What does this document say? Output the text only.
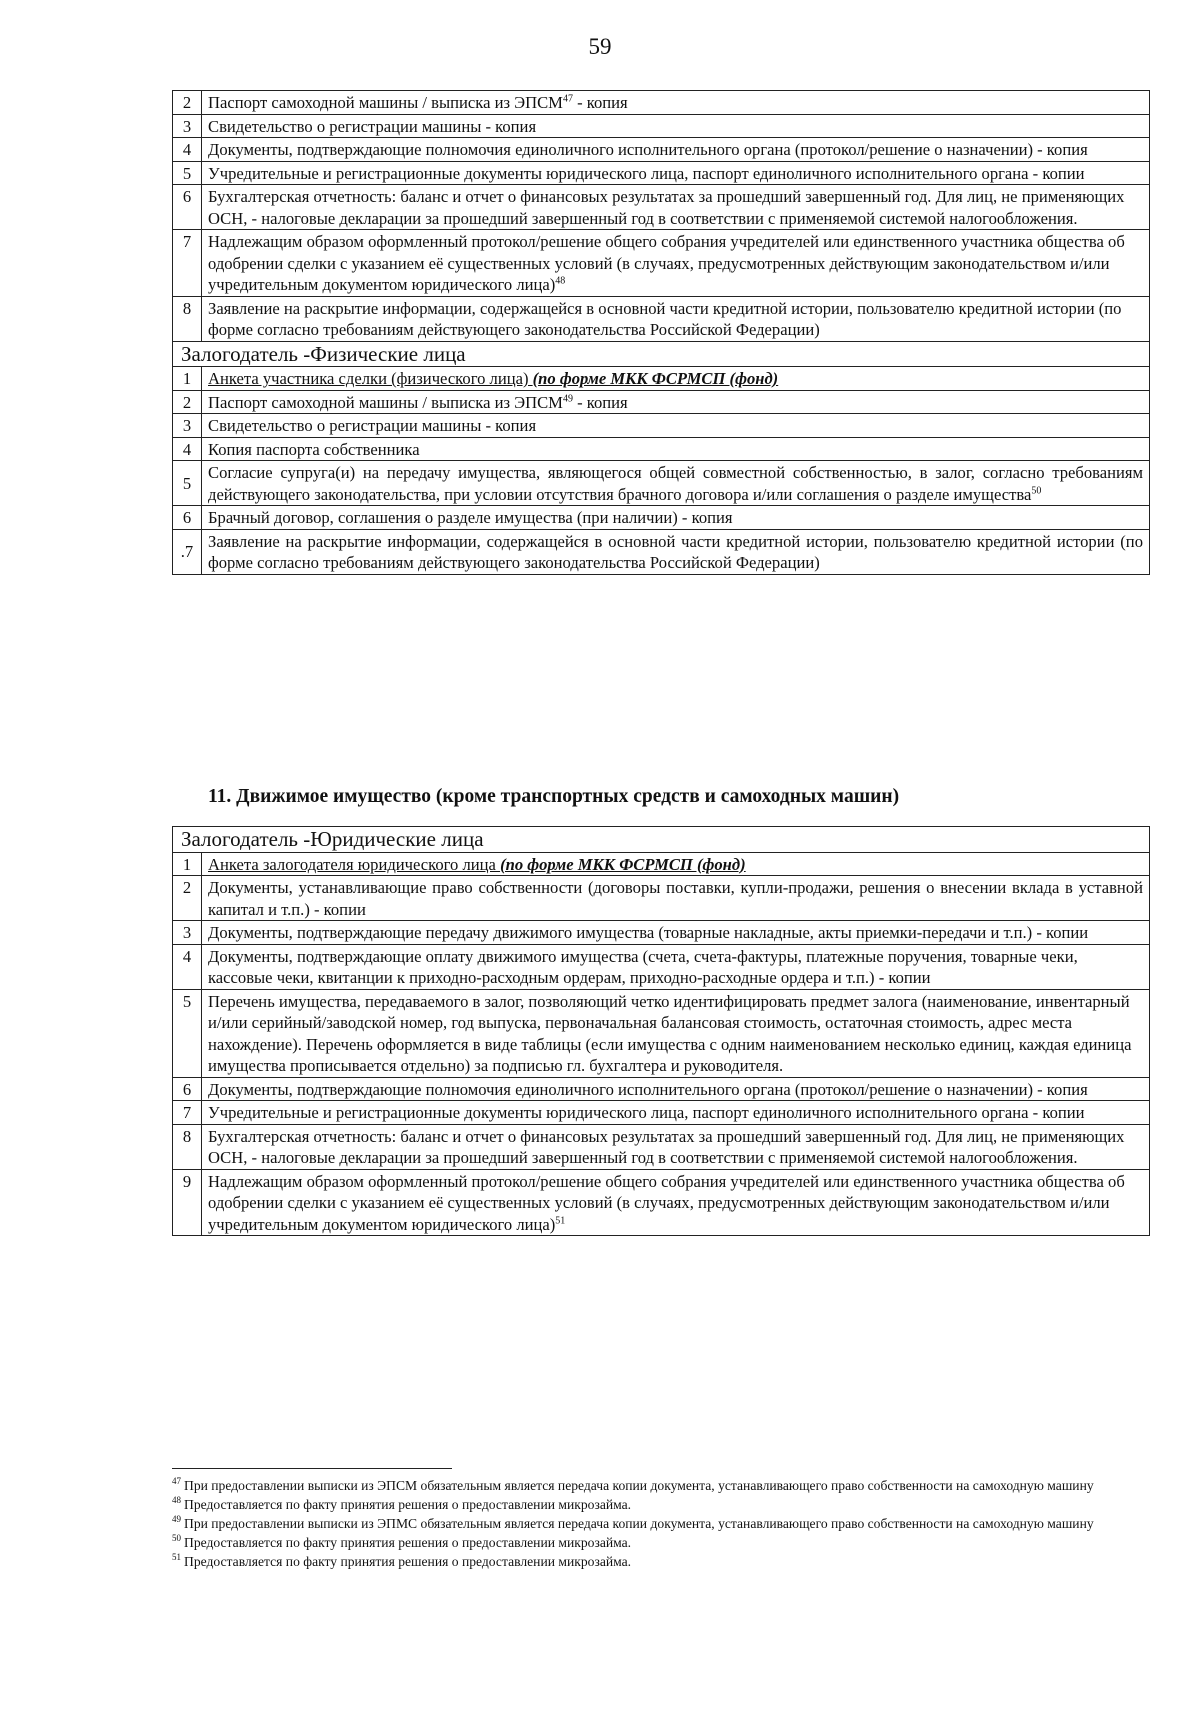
59
2	Паспорт самоходной машины / выписка из ЭПСМ$^{47}$ - копия
3	Свидетельство о регистрации машины - копия
4	Документы, подтверждающие полномочия единоличного исполнительного органа (протокол/решение о назначении) - копия
5	Учредительные и регистрационные документы юридического лица, паспорт единоличного исполнительного органа - копии
6	Бухгалтерская отчетность: баланс и отчет о финансовых результатах за прошедший завершенный год. Для лиц, не применяющих ОСН, - налоговые декларации за прошедший завершенный год в соответствии с применяемой системой налогообложения.
7	Надлежащим образом оформленный протокол/решение общего собрания учредителей или единственного участника общества об одобрении сделки с указанием её существенных условий (в случаях, предусмотренных действующим законодательством и/или учредительным документом юридического лица)$^{48}$
8	Заявление на раскрытие информации, содержащейся в основной части кредитной истории, пользователю кредитной истории (по форме согласно требованиям действующего законодательства Российской Федерации)
Залогодатель -Физические лица	
1	Анкета участника сделки (физического лица) (по форме МКК ФСРМСП (фонд)
2	Паспорт самоходной машины / выписка из ЭПСМ$^{49}$ - копия
3	Свидетельство о регистрации машины - копия
4	Копия паспорта собственника
5	Согласие супруга(и) на передачу имущества, являющегося общей совместной собственностью, в залог, согласно требованиям действующего законодательства, при условии отсутствия брачного договора и/или соглашения о разделе имущества$^{50}$
6	Брачный договор, соглашения о разделе имущества (при наличии) - копия
.7	Заявление на раскрытие информации, содержащейся в основной части кредитной истории, пользователю кредитной истории (по форме согласно требованиям действующего законодательства Российской Федерации)
11. Движимое имущество (кроме транспортных средств и самоходных машин)
Залогодатель -Юридические лица	
1	Анкета залогодателя юридического лица (по форме МКК ФСРМСП (фонд)
2	Документы, устанавливающие право собственности (договоры поставки, купли-продажи, решения о внесении вклада в уставной капитал и т.п.) - копии
3	Документы, подтверждающие передачу движимого имущества (товарные накладные, акты приемки-передачи и т.п.) - копии
4	Документы, подтверждающие оплату движимого имущества (счета, счета-фактуры, платежные поручения, товарные чеки, кассовые чеки, квитанции к приходно-расходным ордерам, приходно-расходные ордера и т.п.) - копии
5	Перечень имущества, передаваемого в залог, позволяющий четко идентифицировать предмет залога (наименование, инвентарный и/или серийный/заводской номер, год выпуска, первоначальная балансовая стоимость, остаточная стоимость, адрес места нахождение). Перечень оформляется в виде таблицы (если имущества с одним наименованием несколько единиц, каждая единица имущества прописывается отдельно) за подписью гл. бухгалтера и руководителя.
6	Документы, подтверждающие полномочия единоличного исполнительного органа (протокол/решение о назначении) - копия
7	Учредительные и регистрационные документы юридического лица, паспорт единоличного исполнительного органа - копии
8	Бухгалтерская отчетность: баланс и отчет о финансовых результатах за прошедший завершенный год. Для лиц, не применяющих ОСН, - налоговые декларации за прошедший завершенный год в соответствии с применяемой системой налогообложения.
9	Надлежащим образом оформленный протокол/решение общего собрания учредителей или единственного участника общества об одобрении сделки с указанием её существенных условий (в случаях, предусмотренных действующим законодательством и/или учредительным документом юридического лица)$^{51}$

$^{47}$ При предоставлении выписки из ЭПСМ обязательным является передача копии документа, устанавливающего право собственности на самоходную машину

$^{48}$ Предоставляется по факту принятия решения о предоставлении микрозайма.

$^{49}$ При предоставлении выписки из ЭПМС обязательным является передача копии документа, устанавливающего право собственности на самоходную машину

$^{50}$ Предоставляется по факту принятия решения о предоставлении микрозайма.

$^{51}$ Предоставляется по факту принятия решения о предоставлении микрозайма.
